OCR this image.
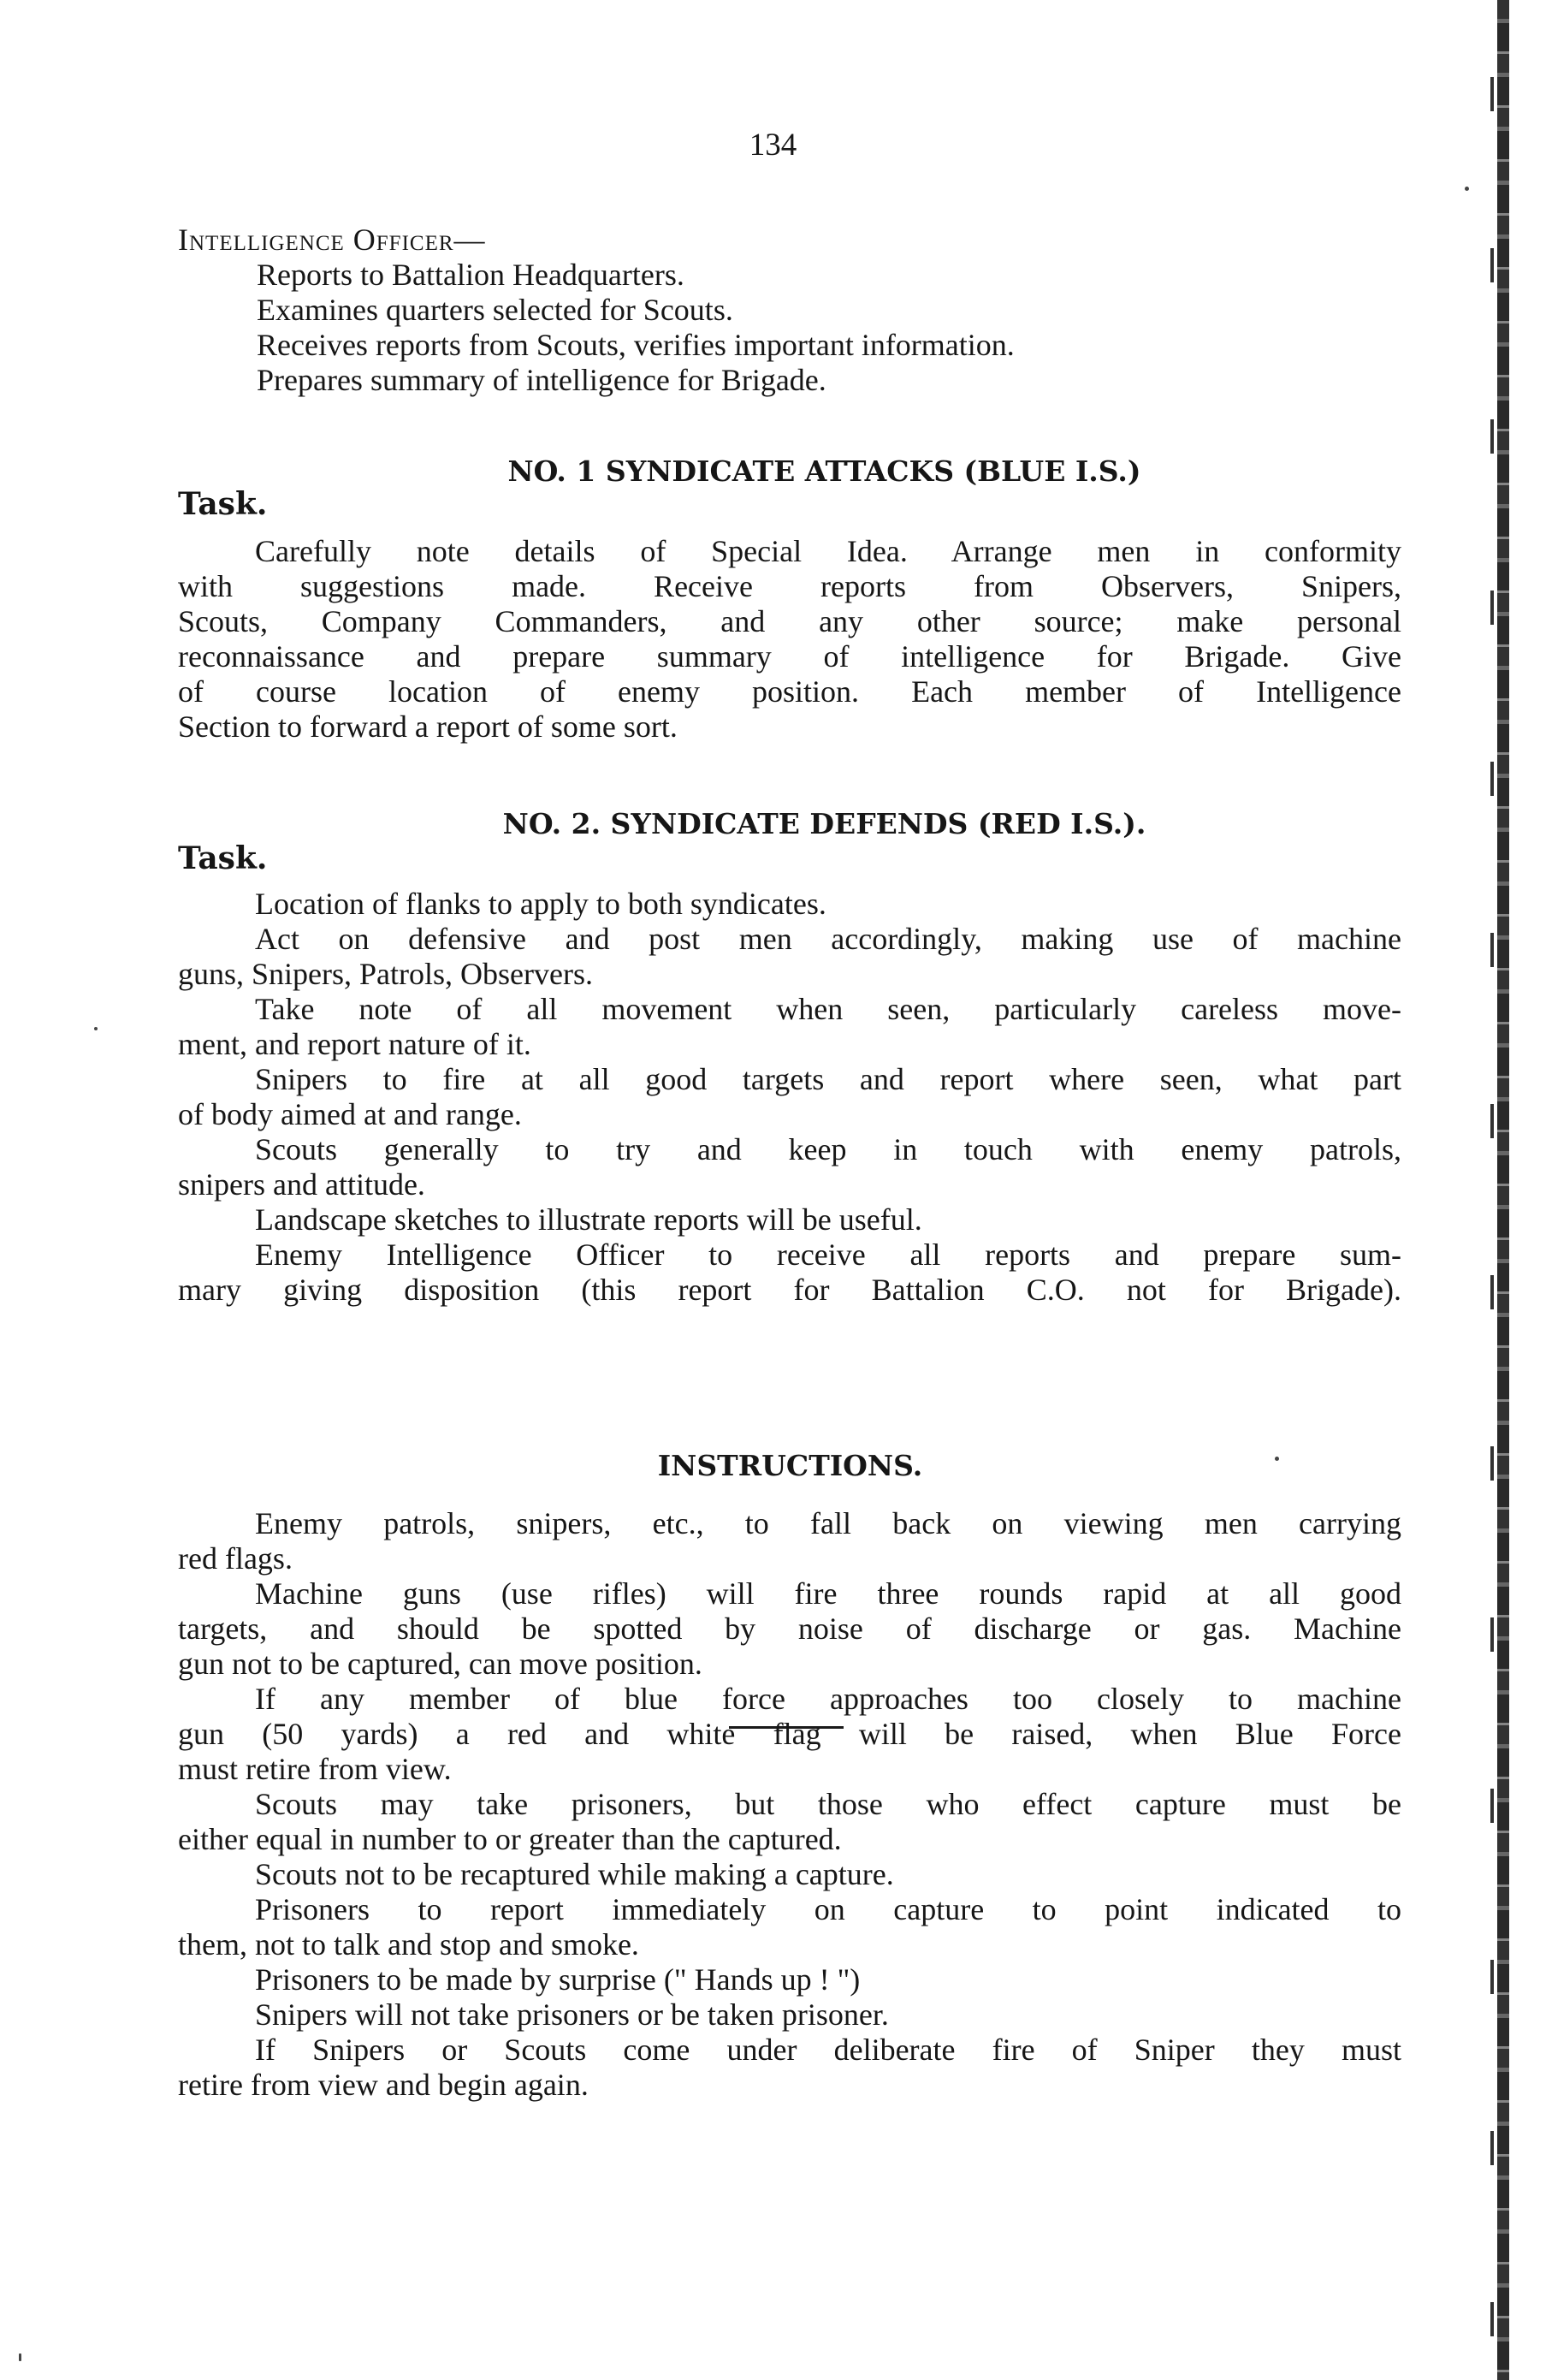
134
Intelligence Officer—
Reports to Battalion Headquarters.
Examines quarters selected for Scouts.
Receives reports from Scouts, verifies important information.
Prepares summary of intelligence for Brigade.
NO. 1 SYNDICATE ATTACKS (BLUE I.S.)
Task.
Carefully note details of Special Idea. Arrange men in conformity
with suggestions made. Receive reports from Observers, Snipers,
Scouts, Company Commanders, and any other source; make personal
reconnaissance and prepare summary of intelligence for Brigade. Give
of course location of enemy position. Each member of Intelligence
Section to forward a report of some sort.
NO. 2. SYNDICATE DEFENDS (RED I.S.).
Task.
Location of flanks to apply to both syndicates.
Act on defensive and post men accordingly, making use of machine
guns, Snipers, Patrols, Observers.
Take note of all movement when seen, particularly careless move-
ment, and report nature of it.
Snipers to fire at all good targets and report where seen, what part
of body aimed at and range.
Scouts generally to try and keep in touch with enemy patrols,
snipers and attitude.
Landscape sketches to illustrate reports will be useful.
Enemy Intelligence Officer to receive all reports and prepare sum-
mary giving disposition (this report for Battalion C.O. not for Brigade).
INSTRUCTIONS.
Enemy patrols, snipers, etc., to fall back on viewing men carrying
red flags.
Machine guns (use rifles) will fire three rounds rapid at all good
targets, and should be spotted by noise of discharge or gas. Machine
gun not to be captured, can move position.
If any member of blue force approaches too closely to machine
gun (50 yards) a red and white flag will be raised, when Blue Force
must retire from view.
Scouts may take prisoners, but those who effect capture must be
either equal in number to or greater than the captured.
Scouts not to be recaptured while making a capture.
Prisoners to report immediately on capture to point indicated to
them, not to talk and stop and smoke.
Prisoners to be made by surprise (" Hands up ! ")
Snipers will not take prisoners or be taken prisoner.
If Snipers or Scouts come under deliberate fire of Sniper they must
retire from view and begin again.
